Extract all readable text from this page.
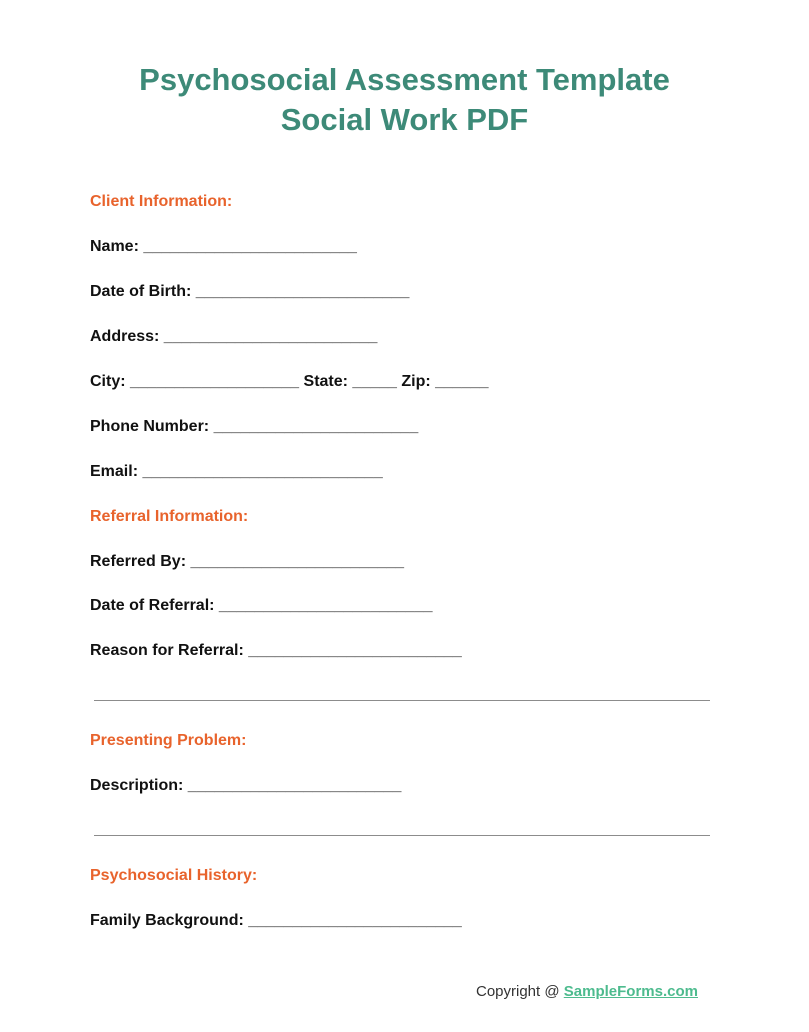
Psychosocial Assessment Template
Social Work PDF
Client Information:
Name: ________________________
Date of Birth: ________________________
Address: ________________________
City: ___________________ State: _____ Zip: ______
Phone Number: _______________________
Email: ___________________________
Referral Information:
Referred By: ________________________
Date of Referral: ________________________
Reason for Referral: ________________________
Presenting Problem:
Description: ________________________
Psychosocial History:
Family Background: ________________________
Copyright @ SampleForms.com
